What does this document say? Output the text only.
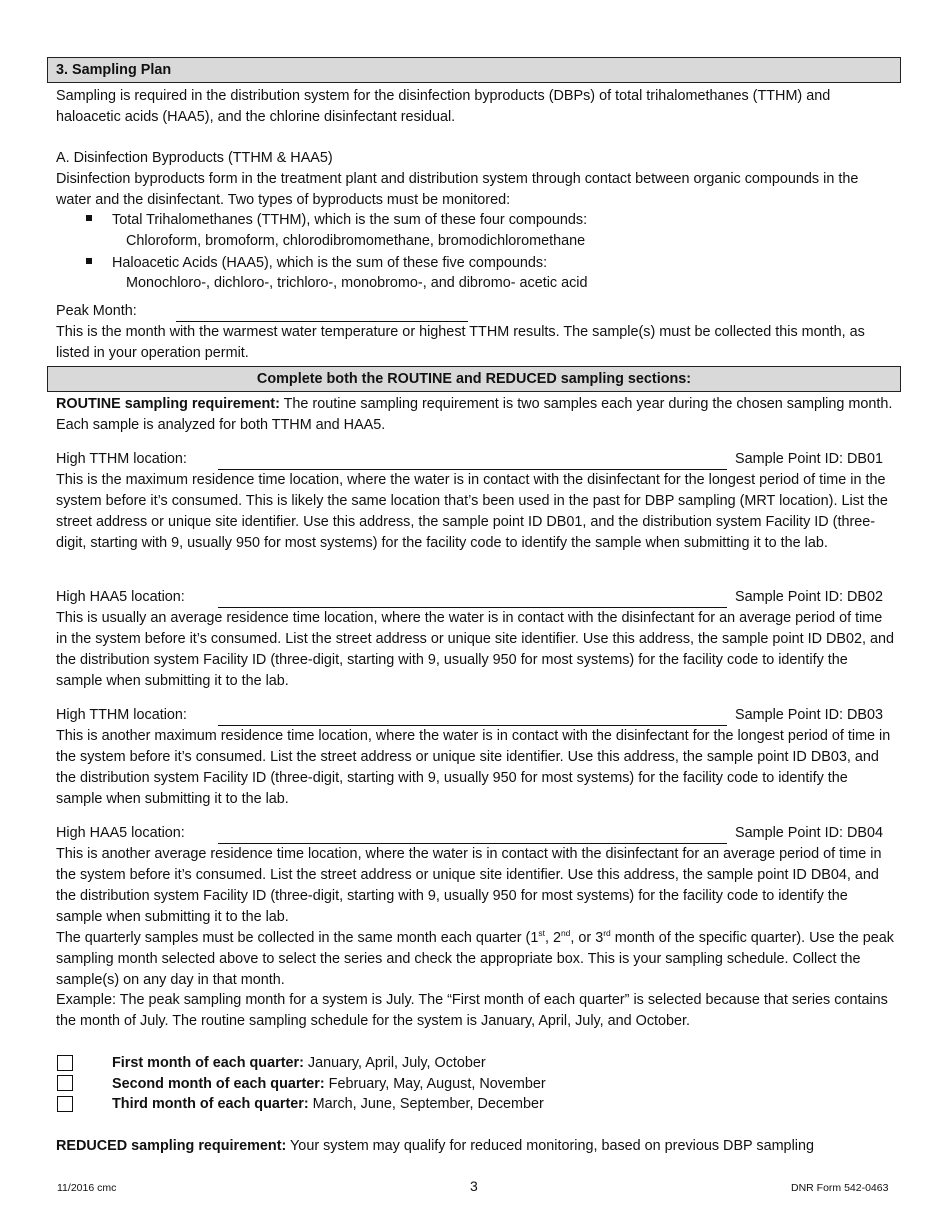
3. Sampling Plan
Sampling is required in the distribution system for the disinfection byproducts (DBPs) of total trihalomethanes (TTHM) and haloacetic acids (HAA5), and the chlorine disinfectant residual.
A. Disinfection Byproducts (TTHM & HAA5)
Disinfection byproducts form in the treatment plant and distribution system through contact between organic compounds in the water and the disinfectant. Two types of byproducts must be monitored:
Total Trihalomethanes (TTHM), which is the sum of these four compounds:
Chloroform, bromoform, chlorodibromomethane, bromodichloromethane
Haloacetic Acids (HAA5), which is the sum of these five compounds:
Monochloro-, dichloro-, trichloro-, monobromo-, and dibromo- acetic acid
Peak Month:
This is the month with the warmest water temperature or highest TTHM results. The sample(s) must be collected this month, as listed in your operation permit.
Complete both the ROUTINE and REDUCED sampling sections:
ROUTINE sampling requirement: The routine sampling requirement is two samples each year during the chosen sampling month. Each sample is analyzed for both TTHM and HAA5.
High TTHM location:	Sample Point ID: DB01
This is the maximum residence time location, where the water is in contact with the disinfectant for the longest period of time in the system before it’s consumed. This is likely the same location that’s been used in the past for DBP sampling (MRT location). List the street address or unique site identifier. Use this address, the sample point ID DB01, and the distribution system Facility ID (three-digit, starting with 9, usually 950 for most systems) for the facility code to identify the sample when submitting it to the lab.
High HAA5 location:	Sample Point ID: DB02
This is usually an average residence time location, where the water is in contact with the disinfectant for an average period of time in the system before it’s consumed. List the street address or unique site identifier. Use this address, the sample point ID DB02, and the distribution system Facility ID (three-digit, starting with 9, usually 950 for most systems) for the facility code to identify the sample when submitting it to the lab.
High TTHM location:	Sample Point ID: DB03
This is another maximum residence time location, where the water is in contact with the disinfectant for the longest period of time in the system before it’s consumed. List the street address or unique site identifier. Use this address, the sample point ID DB03, and the distribution system Facility ID (three-digit, starting with 9, usually 950 for most systems) for the facility code to identify the sample when submitting it to the lab.
High HAA5 location:	Sample Point ID: DB04
This is another average residence time location, where the water is in contact with the disinfectant for an average period of time in the system before it’s consumed. List the street address or unique site identifier. Use this address, the sample point ID DB04, and the distribution system Facility ID (three-digit, starting with 9, usually 950 for most systems) for the facility code to identify the sample when submitting it to the lab.
The quarterly samples must be collected in the same month each quarter (1st, 2nd, or 3rd month of the specific quarter). Use the peak sampling month selected above to select the series and check the appropriate box. This is your sampling schedule. Collect the sample(s) on any day in that month.
Example: The peak sampling month for a system is July. The “First month of each quarter” is selected because that series contains the month of July. The routine sampling schedule for the system is January, April, July, and October.
First month of each quarter: January, April, July, October
Second month of each quarter: February, May, August, November
Third month of each quarter: March, June, September, December
REDUCED sampling requirement: Your system may qualify for reduced monitoring, based on previous DBP sampling
11/2016 cmc	3	DNR Form 542-0463
